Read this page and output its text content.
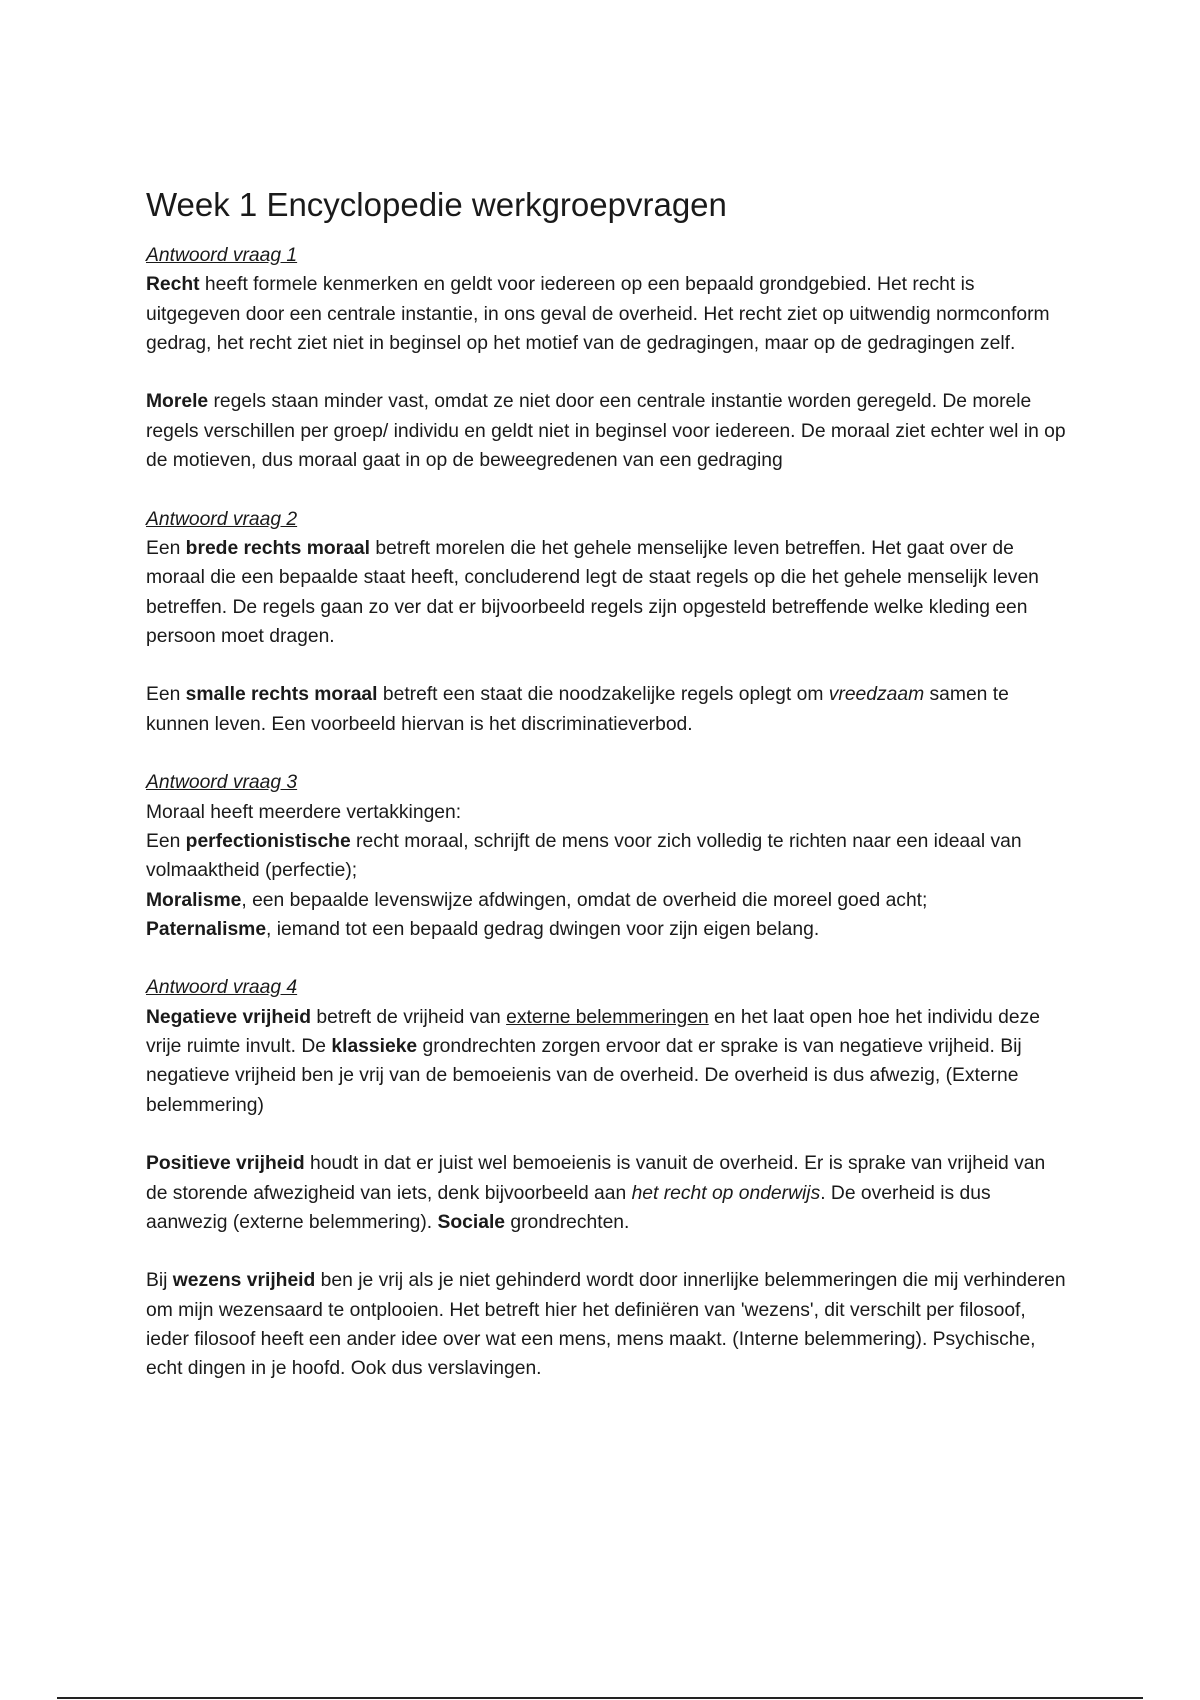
Week 1 Encyclopedie werkgroepvragen
Antwoord vraag 1

Recht heeft formele kenmerken en geldt voor iedereen op een bepaald grondgebied. Het recht is uitgegeven door een centrale instantie, in ons geval de overheid. Het recht ziet op uitwendig normconform gedrag, het recht ziet niet in beginsel op het motief van de gedragingen, maar op de gedragingen zelf.

Morele regels staan minder vast, omdat ze niet door een centrale instantie worden geregeld. De morele regels verschillen per groep/ individu en geldt niet in beginsel voor iedereen. De moraal ziet echter wel in op de motieven, dus moraal gaat in op de beweegredenen van een gedraging

Antwoord vraag 2

Een brede rechts moraal betreft morelen die het gehele menselijke leven betreffen. Het gaat over de moraal die een bepaalde staat heeft, concluderend legt de staat regels op die het gehele menselijk leven betreffen. De regels gaan zo ver dat er bijvoorbeeld regels zijn opgesteld betreffende welke kleding een persoon moet dragen.

Een smalle rechts moraal betreft een staat die noodzakelijke regels oplegt om vreedzaam samen te kunnen leven. Een voorbeeld hiervan is het discriminatieverbod.

Antwoord vraag 3

Moraal heeft meerdere vertakkingen:

Een perfectionistische recht moraal, schrijft de mens voor zich volledig te richten naar een ideaal van volmaaktheid (perfectie);

Moralisme, een bepaalde levenswijze afdwingen, omdat de overheid die moreel goed acht;

Paternalisme, iemand tot een bepaald gedrag dwingen voor zijn eigen belang.

Antwoord vraag 4

Negatieve vrijheid betreft de vrijheid van externe belemmeringen en het laat open hoe het individu deze vrije ruimte invult. De klassieke grondrechten zorgen ervoor dat er sprake is van negatieve vrijheid. Bij negatieve vrijheid ben je vrij van de bemoeienis van de overheid. De overheid is dus afwezig, (Externe belemmering)

Positieve vrijheid houdt in dat er juist wel bemoeienis is vanuit de overheid. Er is sprake van vrijheid van de storende afwezigheid van iets, denk bijvoorbeeld aan het recht op onderwijs. De overheid is dus aanwezig (externe belemmering). Sociale grondrechten.

Bij wezens vrijheid ben je vrij als je niet gehinderd wordt door innerlijke belemmeringen die mij verhinderen om mijn wezensaard te ontplooien. Het betreft hier het definiëren van 'wezens', dit verschilt per filosoof, ieder filosoof heeft een ander idee over wat een mens, mens maakt. (Interne belemmering). Psychische, echt dingen in je hoofd. Ook dus verslavingen.
